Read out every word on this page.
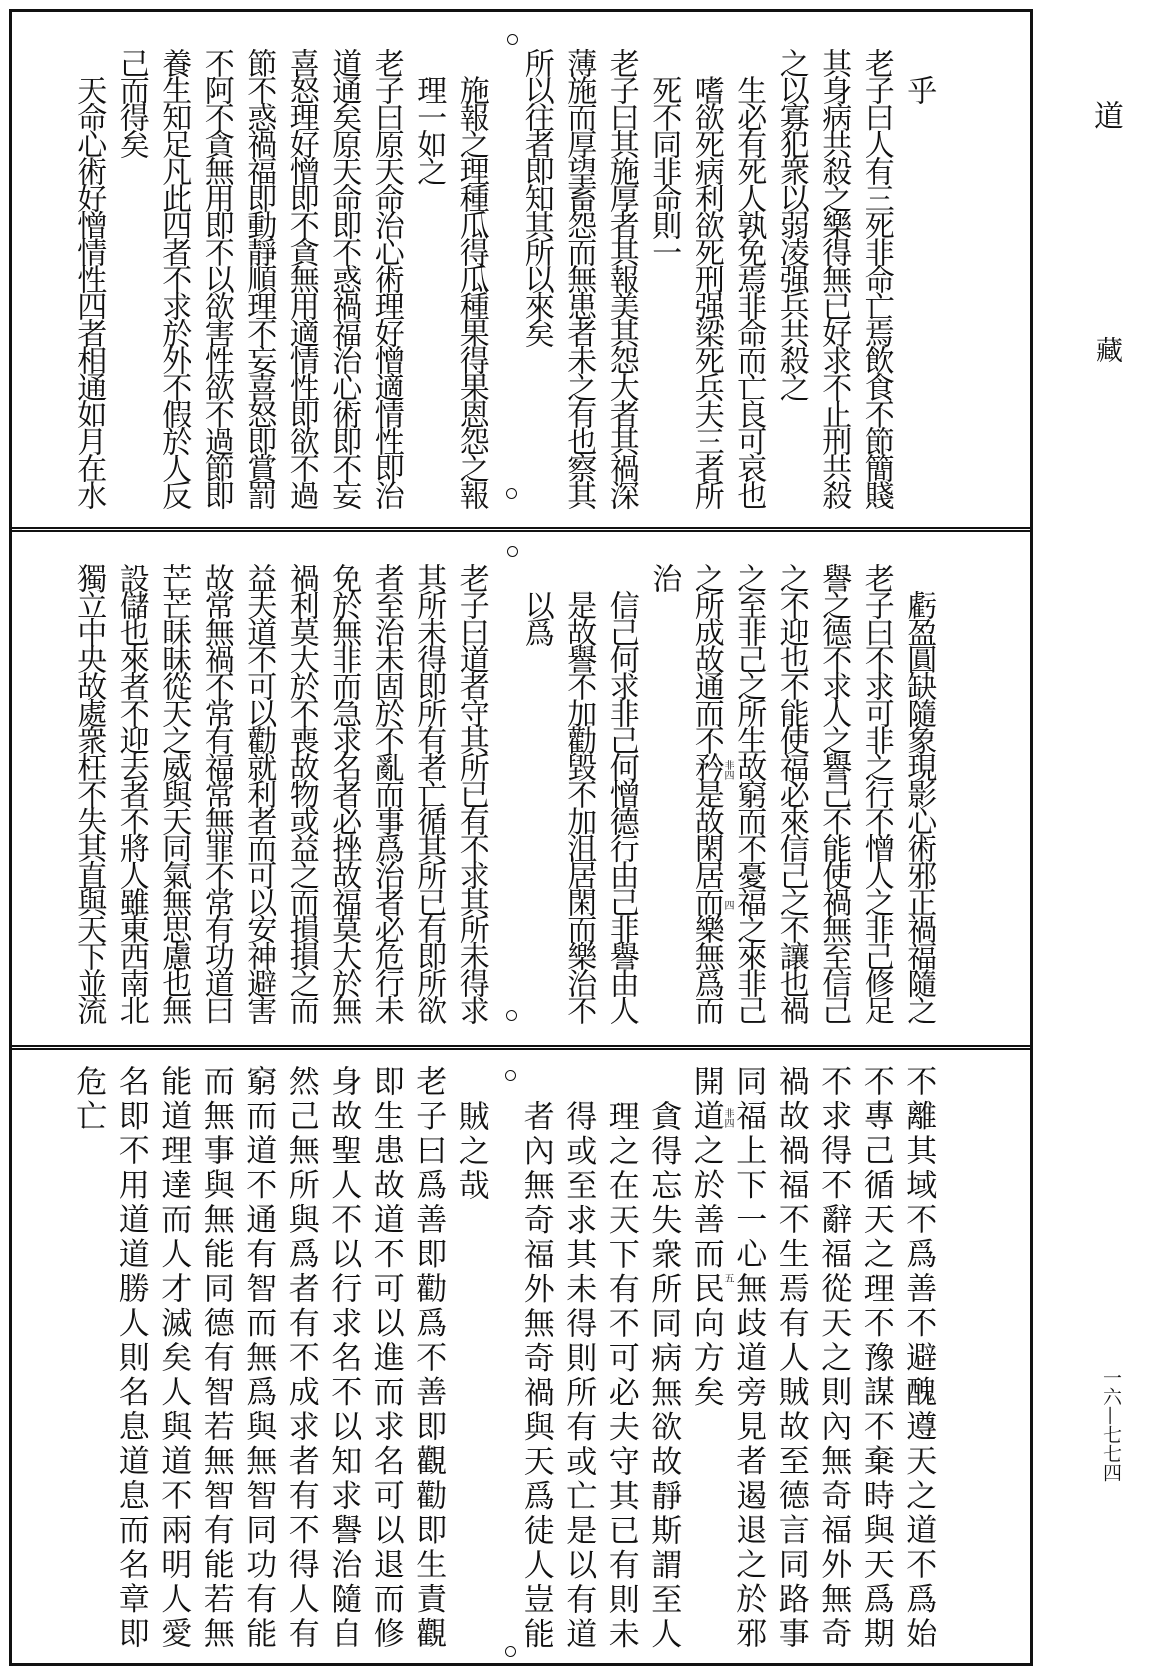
乎
老子曰人有三死非命亡焉飲食不節簡賤
其身病共殺之樂得無已好求不止刑共殺
之以寡犯衆以弱凌强兵共殺之
生必有死人孰免焉非命而亡良可哀也
嗜欲死病利欲死刑强梁死兵夫三者所
死不同非命則一
老子曰其施厚者其報美其怨大者其禍深
薄施而厚望畜怨而無患者未之有也察其
所以往者即知其所以來矣
施報之理種瓜得瓜種果得果恩怨之報
理一如之
老子曰原天命治心術理好憎適情性即治
道通矣原天命即不惑禍福治心術即不妄
喜怒理好憎即不貪無用適情性即欲不過
節不惑禍福即動靜順理不妄喜怒即賞罰
不阿不貪無用即不以欲害性欲不過節即
養生知足凡此四者不求於外不假於人反
己而得矣
天命心術好憎情性四者相通如月在水
虧盈圓缺隨象現影心術邪正禍福隨之
老子曰不求可非之行不憎人之非己修足
譽之德不求人之譽己不能使禍無至信己
之不迎也不能使福必來信己之不讓也禍
之至非己之所生故窮而不憂福之來非己
之所成故通而不矜是故閑居而樂無爲而
治
信己何求非己何憎德行由己非譽由人
是故譽不加勸毀不加沮居閑而樂治不
以爲
老子曰道者守其所已有不求其所未得求
其所未得即所有者亡循其所已有即所欲
者至治未固於不亂而事爲治者必危行未
免於無非而急求名者必挫故福莫大於無
禍利莫大於不喪故物或益之而損損之而
益夫道不可以勸就利者而可以安神避害
故常無禍不常有福常無罪不常有功道曰
芒芒昧昧從天之威與天同氣無思慮也無
設儲也來者不迎去者不將人雖東西南北
獨立中央故處衆枉不失其直與天下並流
不離其域不爲善不避醜遵天之道不爲始
不專己循天之理不豫謀不棄時與天爲期
不求得不辭福從天之則內無奇福外無奇
禍故禍福不生焉有人賊故至德言同路事
同福上下一心無歧道旁見者遏退之於邪
開道之於善而民向方矣
貪得忘失衆所同病無欲故靜斯謂至人
理之在天下有不可必夫守其已有則未
得或至求其未得則所有或亡是以有道
者內無奇福外無奇禍與天爲徒人豈能
賊之哉
老子曰爲善即勸爲不善即觀勸即生責觀
即生患故道不可以進而求名可以退而修
身故聖人不以行求名不以知求譽治隨自
然己無所與爲者有不成求者有不得人有
窮而道不通有智而無爲與無智同功有能
而無事與無能同德有智若無智有能若無
能道理達而人才滅矣人與道不兩明人愛
名即不用道道勝人則名息道息而名章即
危亡
非四
四
非四
五
道
藏
一六—七七四
